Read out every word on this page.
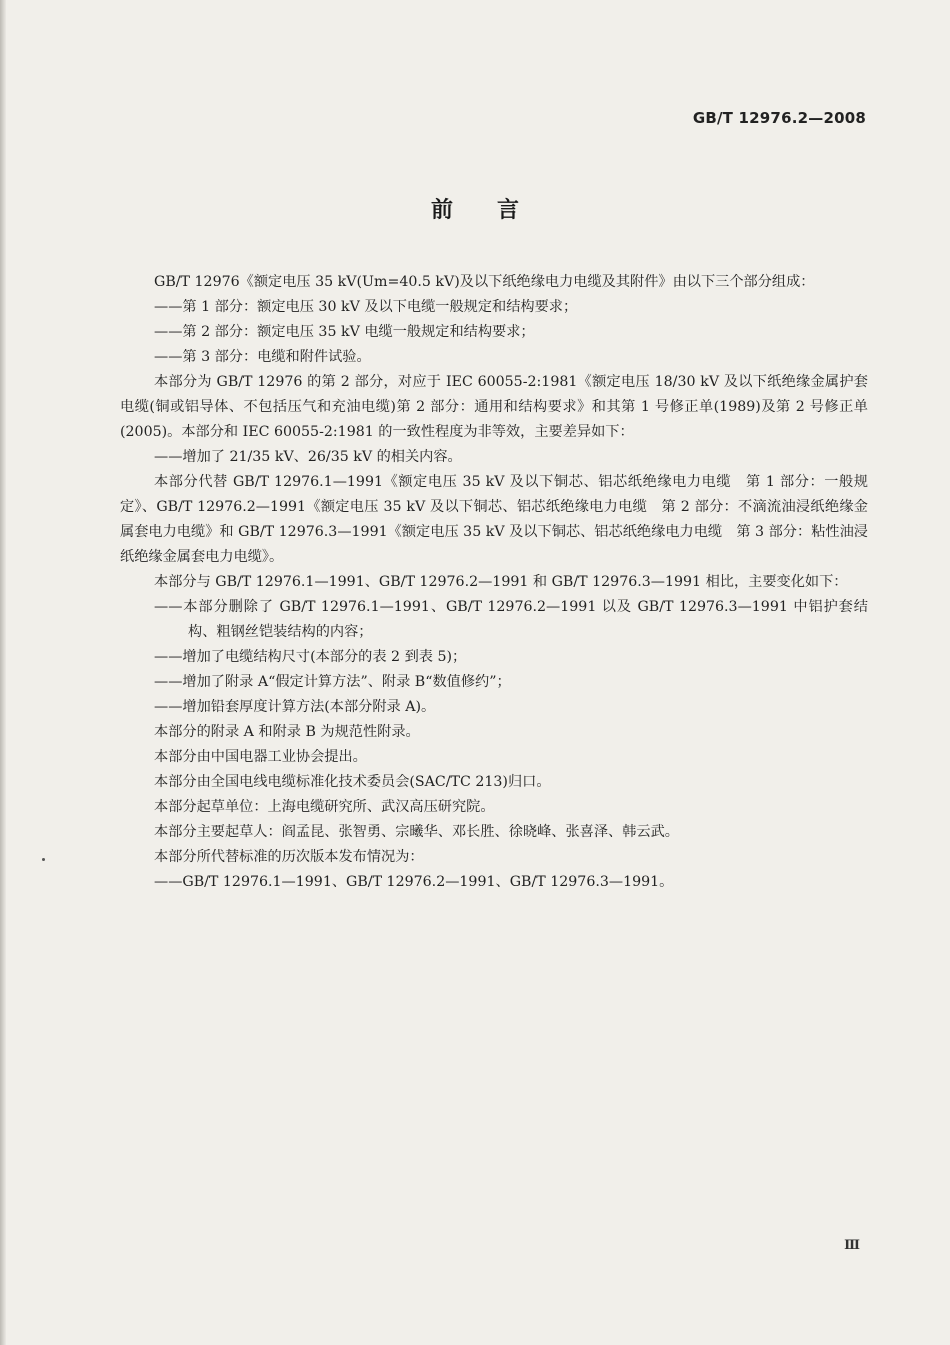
GB/T 12976.2—2008
前言

GB/T 12976《额定电压 35 kV(Um=40.5 kV)及以下纸绝缘电力电缆及其附件》由以下三个部分组成：

——第 1 部分：额定电压 30 kV 及以下电缆一般规定和结构要求；

——第 2 部分：额定电压 35 kV 电缆一般规定和结构要求；

——第 3 部分：电缆和附件试验。

本部分为 GB/T 12976 的第 2 部分，对应于 IEC 60055-2:1981《额定电压 18/30 kV 及以下纸绝缘金属护套电缆(铜或铝导体、不包括压气和充油电缆)第 2 部分：通用和结构要求》和其第 1 号修正单(1989)及第 2 号修正单(2005)。本部分和 IEC 60055-2:1981 的一致性程度为非等效，主要差异如下：

——增加了 21/35 kV、26/35 kV 的相关内容。

本部分代替 GB/T 12976.1—1991《额定电压 35 kV 及以下铜芯、铝芯纸绝缘电力电缆　第 1 部分：一般规定》、GB/T 12976.2—1991《额定电压 35 kV 及以下铜芯、铝芯纸绝缘电力电缆　第 2 部分：不滴流油浸纸绝缘金属套电力电缆》和 GB/T 12976.3—1991《额定电压 35 kV 及以下铜芯、铝芯纸绝缘电力电缆　第 3 部分：粘性油浸纸绝缘金属套电力电缆》。

本部分与 GB/T 12976.1—1991、GB/T 12976.2—1991 和 GB/T 12976.3—1991 相比，主要变化如下：

——本部分删除了 GB/T 12976.1—1991、GB/T 12976.2—1991 以及 GB/T 12976.3—1991 中铝护套结构、粗钢丝铠装结构的内容；

——增加了电缆结构尺寸(本部分的表 2 到表 5)；

——增加了附录 A“假定计算方法”、附录 B“数值修约”；

——增加铅套厚度计算方法(本部分附录 A)。

本部分的附录 A 和附录 B 为规范性附录。

本部分由中国电器工业协会提出。

本部分由全国电线电缆标准化技术委员会(SAC/TC 213)归口。

本部分起草单位：上海电缆研究所、武汉高压研究院。

本部分主要起草人：阎孟昆、张智勇、宗曦华、邓长胜、徐晓峰、张喜泽、韩云武。

本部分所代替标准的历次版本发布情况为：

——GB/T 12976.1—1991、GB/T 12976.2—1991、GB/T 12976.3—1991。

Ⅲ
